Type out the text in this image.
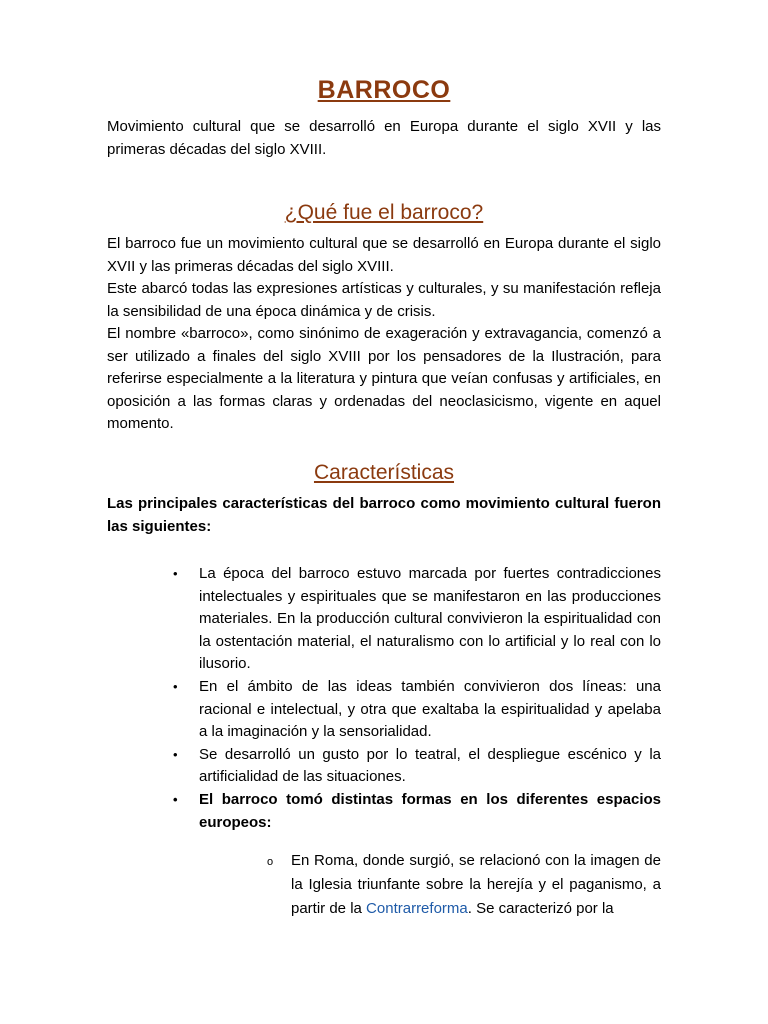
BARROCO
Movimiento cultural que se desarrolló en Europa durante el siglo XVII y las primeras décadas del siglo XVIII.
¿Qué fue el barroco?
El barroco fue un movimiento cultural que se desarrolló en Europa durante el siglo XVII y las primeras décadas del siglo XVIII.
Este abarcó todas las expresiones artísticas y culturales, y su manifestación refleja la sensibilidad de una época dinámica y de crisis.
El nombre «barroco», como sinónimo de exageración y extravagancia, comenzó a ser utilizado a finales del siglo XVIII por los pensadores de la Ilustración, para referirse especialmente a la literatura y pintura que veían confusas y artificiales, en oposición a las formas claras y ordenadas del neoclasicismo, vigente en aquel momento.
Características
Las principales características del barroco como movimiento cultural fueron las siguientes:
• La época del barroco estuvo marcada por fuertes contradicciones intelectuales y espirituales que se manifestaron en las producciones materiales. En la producción cultural convivieron la espiritualidad con la ostentación material, el naturalismo con lo artificial y lo real con lo ilusorio.
• En el ámbito de las ideas también convivieron dos líneas: una racional e intelectual, y otra que exaltaba la espiritualidad y apelaba a la imaginación y la sensorialidad.
• Se desarrolló un gusto por lo teatral, el despliegue escénico y la artificialidad de las situaciones.
• El barroco tomó distintas formas en los diferentes espacios europeos:
o En Roma, donde surgió, se relacionó con la imagen de la Iglesia triunfante sobre la herejía y el paganismo, a partir de la Contrarreforma. Se caracterizó por la
